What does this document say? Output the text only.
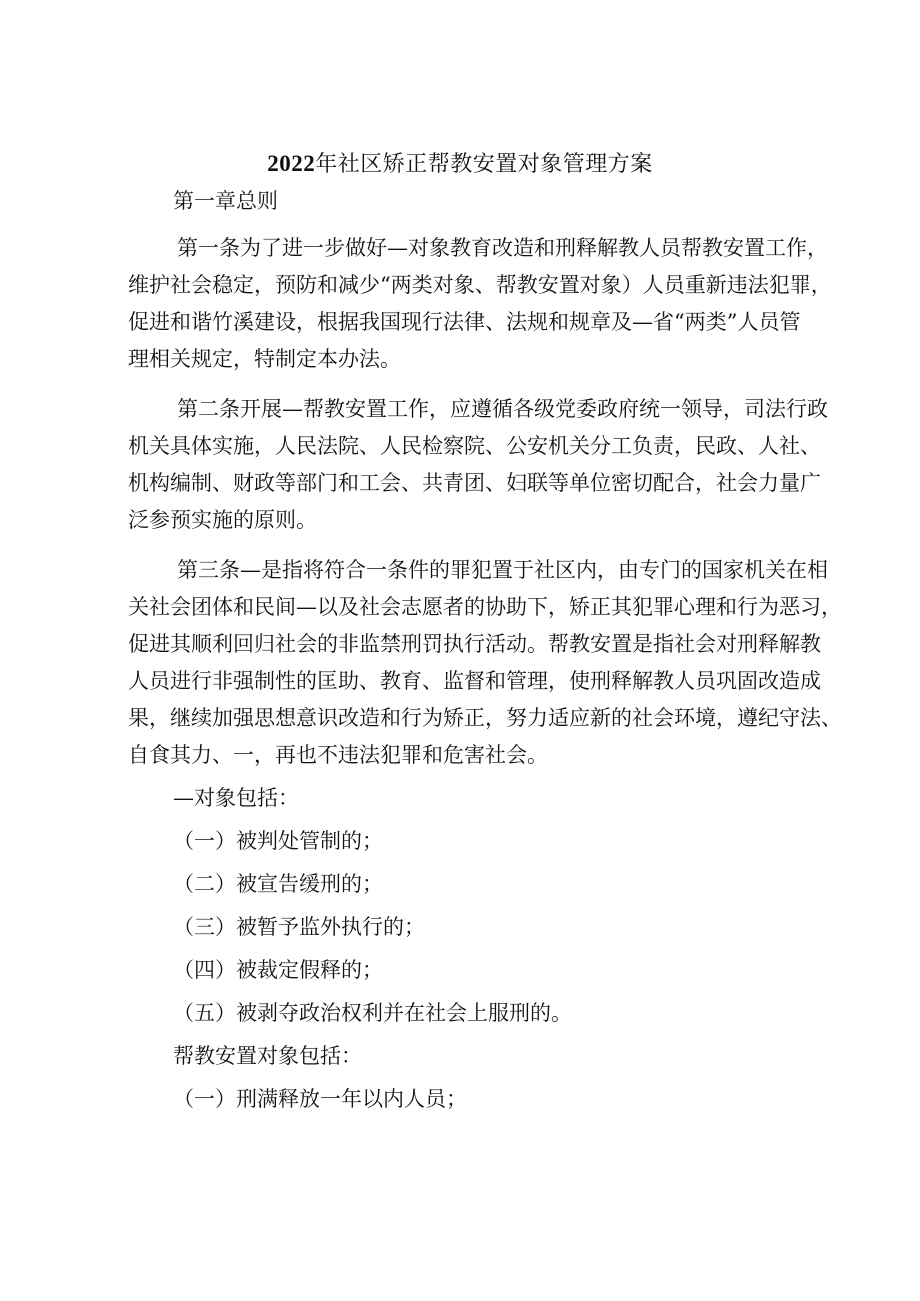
2022年社区矫正帮教安置对象管理方案

第一章总则

第一条为了进一步做好—对象教育改造和刑释解教人员帮教安置工作，
维护社会稳定，预防和减少“两类对象、帮教安置对象）人员重新违法犯罪，
促进和谐竹溪建设，根据我国现行法律、法规和规章及—省“两类”人员管
理相关规定，特制定本办法。
第二条开展—帮教安置工作，应遵循各级党委政府统一领导，司法行政
机关具体实施，人民法院、人民检察院、公安机关分工负责，民政、人社、
机构编制、财政等部门和工会、共青团、妇联等单位密切配合，社会力量广
泛参预实施的原则。
第三条—是指将符合一条件的罪犯置于社区内，由专门的国家机关在相
关社会团体和民间—以及社会志愿者的协助下，矫正其犯罪心理和行为恶习，
促进其顺利回归社会的非监禁刑罚执行活动。帮教安置是指社会对刑释解教
人员进行非强制性的匡助、教育、监督和管理，使刑释解教人员巩固改造成
果，继续加强思想意识改造和行为矫正，努力适应新的社会环境，遵纪守法、
自食其力、一，再也不违法犯罪和危害社会。

—对象包括：

（一）被判处管制的；

（二）被宣告缓刑的；

（三）被暂予监外执行的；

（四）被裁定假释的；

（五）被剥夺政治权利并在社会上服刑的。

帮教安置对象包括：

（一）刑满释放一年以内人员；
